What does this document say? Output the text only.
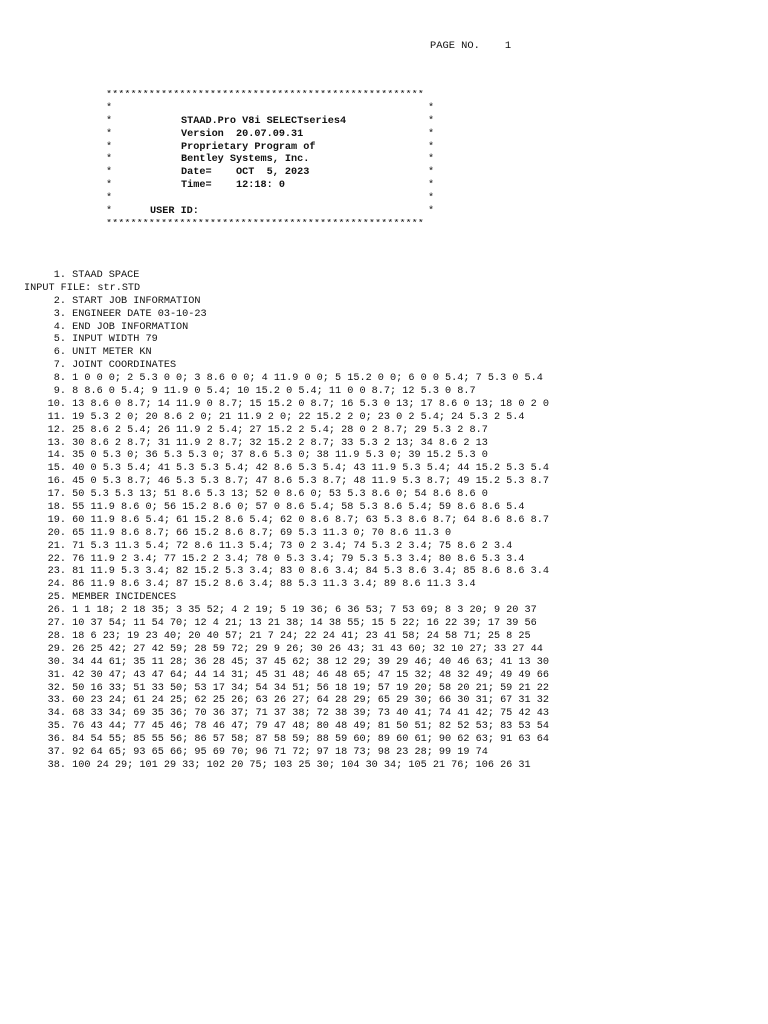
PAGE NO.    1
****************************************************

*	*

*

	STAAD.Pro V8i SELECTseries4

	*

*

	Version  20.07.09.31

	*

*

	Proprietary Program of

	*

*

	Bentley Systems, Inc.

	*

*

	Date=    OCT  5, 2023

	*

*

	Time=    12:18: 0

	*

*	*

*

	USER ID:

	*

****************************************************
1. STAAD SPACE
INPUT FILE: str.STD
2. START JOB INFORMATION
3. ENGINEER DATE 03-10-23
4. END JOB INFORMATION
5. INPUT WIDTH 79
6. UNIT METER KN
7. JOINT COORDINATES
8. 1 0 0 0; 2 5.3 0 0; 3 8.6 0 0; 4 11.9 0 0; 5 15.2 0 0; 6 0 0 5.4; 7 5.3 0 5.4
9. 8 8.6 0 5.4; 9 11.9 0 5.4; 10 15.2 0 5.4; 11 0 0 8.7; 12 5.3 0 8.7
10. 13 8.6 0 8.7; 14 11.9 0 8.7; 15 15.2 0 8.7; 16 5.3 0 13; 17 8.6 0 13; 18 0 2 0
11. 19 5.3 2 0; 20 8.6 2 0; 21 11.9 2 0; 22 15.2 2 0; 23 0 2 5.4; 24 5.3 2 5.4
12. 25 8.6 2 5.4; 26 11.9 2 5.4; 27 15.2 2 5.4; 28 0 2 8.7; 29 5.3 2 8.7
13. 30 8.6 2 8.7; 31 11.9 2 8.7; 32 15.2 2 8.7; 33 5.3 2 13; 34 8.6 2 13
14. 35 0 5.3 0; 36 5.3 5.3 0; 37 8.6 5.3 0; 38 11.9 5.3 0; 39 15.2 5.3 0
15. 40 0 5.3 5.4; 41 5.3 5.3 5.4; 42 8.6 5.3 5.4; 43 11.9 5.3 5.4; 44 15.2 5.3 5.4
16. 45 0 5.3 8.7; 46 5.3 5.3 8.7; 47 8.6 5.3 8.7; 48 11.9 5.3 8.7; 49 15.2 5.3 8.7
17. 50 5.3 5.3 13; 51 8.6 5.3 13; 52 0 8.6 0; 53 5.3 8.6 0; 54 8.6 8.6 0
18. 55 11.9 8.6 0; 56 15.2 8.6 0; 57 0 8.6 5.4; 58 5.3 8.6 5.4; 59 8.6 8.6 5.4
19. 60 11.9 8.6 5.4; 61 15.2 8.6 5.4; 62 0 8.6 8.7; 63 5.3 8.6 8.7; 64 8.6 8.6 8.7
20. 65 11.9 8.6 8.7; 66 15.2 8.6 8.7; 69 5.3 11.3 0; 70 8.6 11.3 0
21. 71 5.3 11.3 5.4; 72 8.6 11.3 5.4; 73 0 2 3.4; 74 5.3 2 3.4; 75 8.6 2 3.4
22. 76 11.9 2 3.4; 77 15.2 2 3.4; 78 0 5.3 3.4; 79 5.3 5.3 3.4; 80 8.6 5.3 3.4
23. 81 11.9 5.3 3.4; 82 15.2 5.3 3.4; 83 0 8.6 3.4; 84 5.3 8.6 3.4; 85 8.6 8.6 3.4
24. 86 11.9 8.6 3.4; 87 15.2 8.6 3.4; 88 5.3 11.3 3.4; 89 8.6 11.3 3.4
25. MEMBER INCIDENCES
26. 1 1 18; 2 18 35; 3 35 52; 4 2 19; 5 19 36; 6 36 53; 7 53 69; 8 3 20; 9 20 37
27. 10 37 54; 11 54 70; 12 4 21; 13 21 38; 14 38 55; 15 5 22; 16 22 39; 17 39 56
28. 18 6 23; 19 23 40; 20 40 57; 21 7 24; 22 24 41; 23 41 58; 24 58 71; 25 8 25
29. 26 25 42; 27 42 59; 28 59 72; 29 9 26; 30 26 43; 31 43 60; 32 10 27; 33 27 44
30. 34 44 61; 35 11 28; 36 28 45; 37 45 62; 38 12 29; 39 29 46; 40 46 63; 41 13 30
31. 42 30 47; 43 47 64; 44 14 31; 45 31 48; 46 48 65; 47 15 32; 48 32 49; 49 49 66
32. 50 16 33; 51 33 50; 53 17 34; 54 34 51; 56 18 19; 57 19 20; 58 20 21; 59 21 22
33. 60 23 24; 61 24 25; 62 25 26; 63 26 27; 64 28 29; 65 29 30; 66 30 31; 67 31 32
34. 68 33 34; 69 35 36; 70 36 37; 71 37 38; 72 38 39; 73 40 41; 74 41 42; 75 42 43
35. 76 43 44; 77 45 46; 78 46 47; 79 47 48; 80 48 49; 81 50 51; 82 52 53; 83 53 54
36. 84 54 55; 85 55 56; 86 57 58; 87 58 59; 88 59 60; 89 60 61; 90 62 63; 91 63 64
37. 92 64 65; 93 65 66; 95 69 70; 96 71 72; 97 18 73; 98 23 28; 99 19 74
38. 100 24 29; 101 29 33; 102 20 75; 103 25 30; 104 30 34; 105 21 76; 106 26 31
